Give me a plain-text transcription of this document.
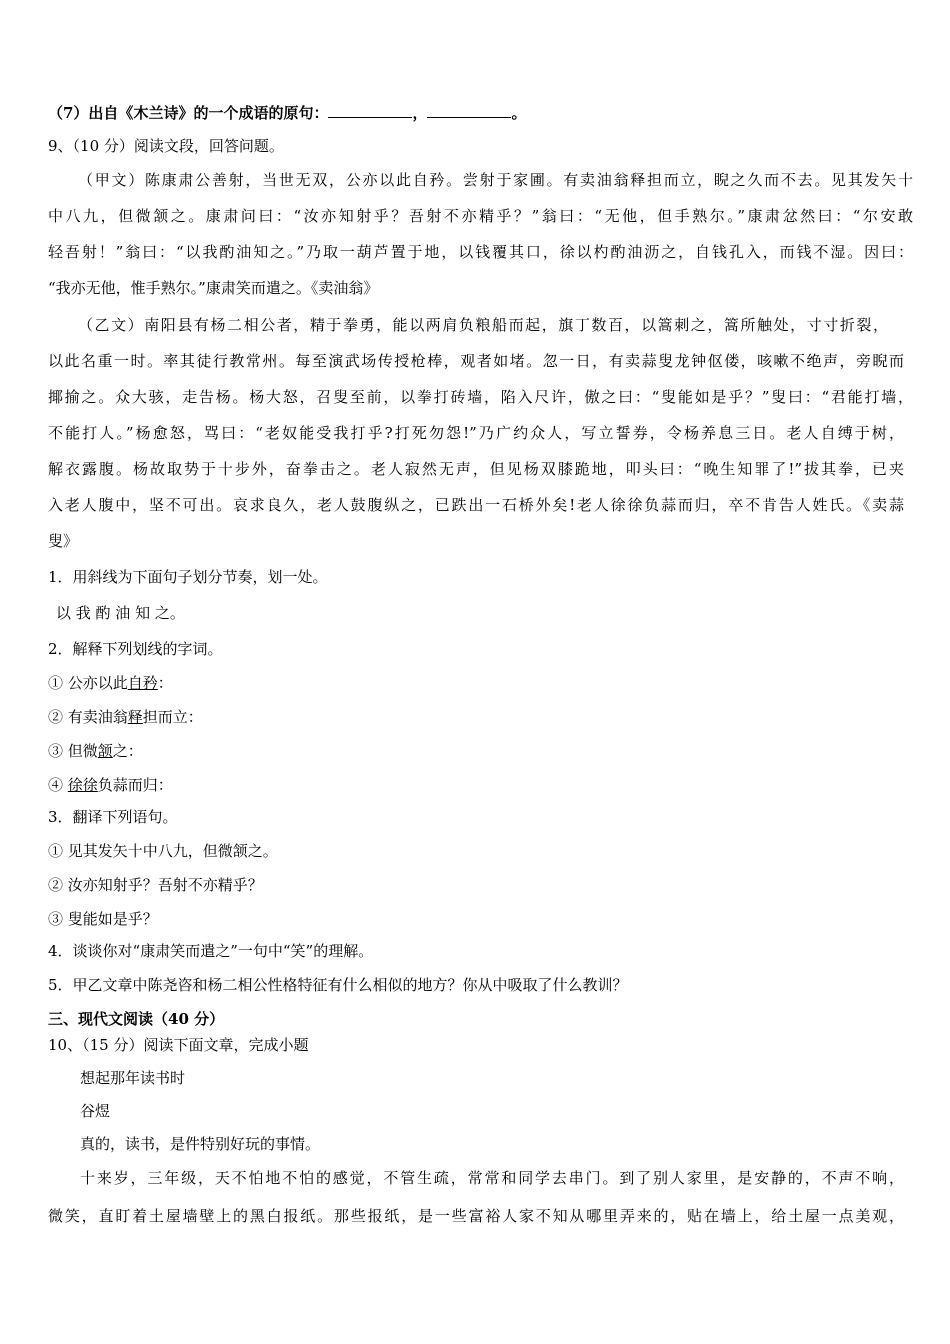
（7）出自《木兰诗》的一个成语的原句：	，	。
9、（10 分）阅读文段，回答问题。
（甲文）陈康肃公善射，当世无双，公亦以此自矜。尝射于家圃。有卖油翁释担而立，睨之久而不去。见其发矢十
中八九，但微颔之。康肃问曰：“汝亦知射乎？吾射不亦精乎？”翁曰：“无他，但手熟尔。”康肃忿然曰：“尔安敢
轻吾射！”翁曰：“以我酌油知之。”乃取一葫芦置于地，以钱覆其口，徐以杓酌油沥之，自钱孔入，而钱不湿。因曰：
“我亦无他，惟手熟尔。”康肃笑而遣之。《卖油翁》
（乙文）南阳县有杨二相公者，精于拳勇，能以两肩负粮船而起，旗丁数百，以篙刺之，篙所触处，寸寸折裂，
以此名重一时。率其徒行教常州。每至演武场传授枪棒，观者如堵。忽一日，有卖蒜叟龙钟伛偻，咳嗽不绝声，旁睨而
揶揄之。众大骇，走告杨。杨大怒，召叟至前，以拳打砖墙，陷入尺许，傲之曰：“叟能如是乎？”叟曰：“君能打墙，
不能打人。”杨愈怒，骂曰：“老奴能受我打乎?打死勿怨!”乃广约众人，写立誓券，令杨养息三日。老人自缚于树，
解衣露腹。杨故取势于十步外，奋拳击之。老人寂然无声，但见杨双膝跪地，叩头曰：“晚生知罪了!”拔其拳，已夹
入老人腹中，坚不可出。哀求良久，老人鼓腹纵之，已跌出一石桥外矣!老人徐徐负蒜而归，卒不肯告人姓氏。《卖蒜
叟》
1．用斜线为下面句子划分节奏，划一处。
以 我 酌 油 知 之。
2．解释下列划线的字词。
① 公亦以此自矜：
② 有卖油翁释担而立：
③ 但微颔之：
④ 徐徐负蒜而归：
3．翻译下列语句。
① 见其发矢十中八九，但微颔之。
② 汝亦知射乎？吾射不亦精乎？
③ 叟能如是乎？
4．谈谈你对“康肃笑而遣之”一句中“笑”的理解。
5．甲乙文章中陈尧咨和杨二相公性格特征有什么相似的地方？你从中吸取了什么教训？
三、现代文阅读（40 分）
10、（15 分）阅读下面文章，完成小题
想起那年读书时
谷煜
真的，读书，是件特别好玩的事情。
十来岁，三年级，天不怕地不怕的感觉，不管生疏，常常和同学去串门。到了别人家里，是安静的，不声不响，
微笑，直盯着土屋墙壁上的黑白报纸。那些报纸，是一些富裕人家不知从哪里弄来的，贴在墙上，给土屋一点美观，
